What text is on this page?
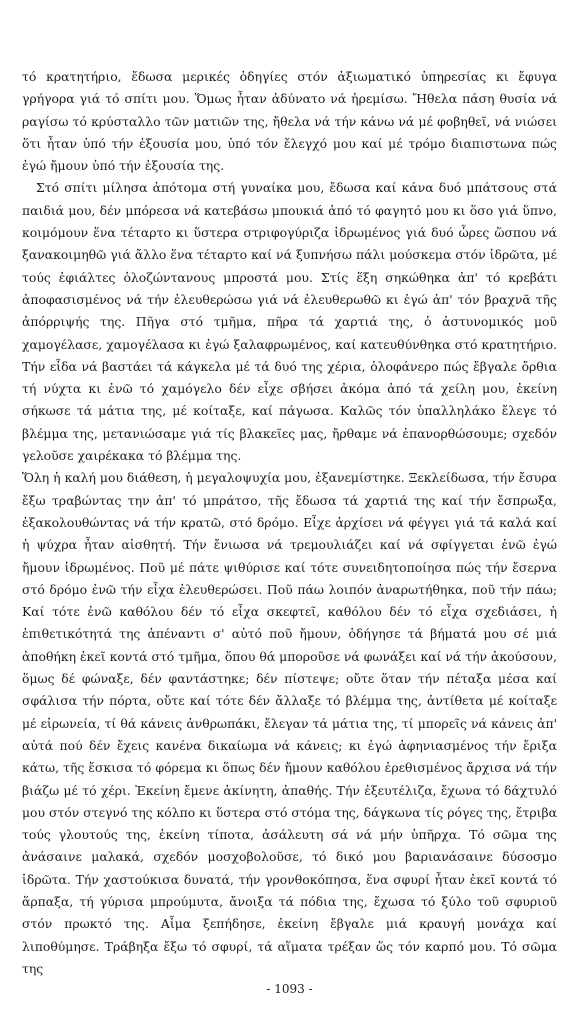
τό κρατητήριο, ἔδωσα μερικές ὁδηγίες στόν ἀξιωματικό ὑπηρεσίας κι ἔφυγα γρήγορα γιά τό σπίτι μου. Ὅμως ἦταν ἀδύνατο νά ἠρεμίσω. Ἤθελα πάση θυσία νά ραγίσω τό κρύσταλλο τῶν ματιῶν της, ἤθελα νά τήν κάνω νά μέ φοβηθεῖ, νά νιώσει ὅτι ἦταν ὑπό τήν ἐξουσία μου, ὑπό τόν ἔλεγχό μου καί μέ τρόμο διαπιστωνα πώς ἐγώ ἤμουν ὑπό τήν ἐξουσία της.

Στό σπίτι μίλησα ἀπότομα στή γυναίκα μου, ἔδωσα καί κάνα δυό μπάτσους στά παιδιά μου, δέν μπόρεσα νά κατεβάσω μπουκιά ἀπό τό φαγητό μου κι ὅσο γιά ὕπνο, κοιμόμουν ἕνα τέταρτο κι ὕστερα στριφογύριζα ἱδρωμένος γιά δυό ὧρες ὥσπου νά ξανακοιμηθῶ γιά ἄλλο ἕνα τέταρτο καί νά ξυπνήσω πάλι μούσκεμα στόν ἱδρῶτα, μέ τούς ἐφιάλτες ὁλοζώντανους μπροστά μου. Στίς ἕξη σηκώθηκα ἀπ' τό κρεβάτι ἀποφασισμένος νά τήν ἐλευθερώσω γιά νά ἐλευθερωθῶ κι ἐγώ ἀπ' τόν βραχνᾶ τῆς ἀπόρριψής της. Πῆγα στό τμῆμα, πῆρα τά χαρτιά της, ὁ ἀστυνομικός μοῦ χαμογέλασε, χαμογέλασα κι ἐγώ ξαλαφρωμένος, καί κατευθύνθηκα στό κρατητήριο. Τήν εἶδα νά βαστάει τά κάγκελα μέ τά δυό της χέρια, ὁλοφάνερο πώς ἔβγαλε ὄρθια τή νύχτα κι ἐνῶ τό χαμόγελο δέν εἶχε σβήσει ἀκόμα ἀπό τά χείλη μου, ἐκείνη σήκωσε τά μάτια της, μέ κοίταξε, καί πάγωσα. Καλῶς τόν ὑπαλληλάκο ἔλεγε τό βλέμμα της, μετανιώσαμε γιά τίς βλακεῖες μας, ἤρθαμε νά ἐπανορθώσουμε; σχεδόν γελοῦσε χαιρέκακα τό βλέμμα της.

Ὅλη ἡ καλή μου διάθεση, ἡ μεγαλοψυχία μου, ἐξανεμίστηκε. Ξεκλείδωσα, τήν ἔσυρα ἔξω τραβώντας την ἀπ' τό μπράτσο, τῆς ἔδωσα τά χαρτιά της καί τήν ἔσπρωξα, ἐξακολουθώντας νά τήν κρατῶ, στό δρόμο. Εἶχε ἀρχίσει νά φέγγει γιά τά καλά καί ἡ ψύχρα ἦταν αἰσθητή. Τήν ἔνιωσα νά τρεμουλιάζει καί νά σφίγγεται ἐνῶ ἐγώ ἤμουν ἱδρωμένος. Ποῦ μέ πάτε ψιθύρισε καί τότε συνειδητοποίησα πώς τήν ἔσερνα στό δρόμο ἐνῶ τήν εἶχα ἐλευθερώσει. Ποῦ πάω λοιπόν ἀναρωτήθηκα, ποῦ τήν πάω; Καί τότε ἐνῶ καθόλου δέν τό εἶχα σκεφτεῖ, καθόλου δέν τό εἶχα σχεδιάσει, ἡ ἐπιθετικότητά της ἀπέναντι σ' αὐτό ποῦ ἤμουν, ὁδήγησε τά βήματά μου σέ μιά ἀποθήκη ἐκεῖ κοντά στό τμῆμα, ὅπου θά μποροῦσε νά φωνάξει καί νά τήν ἀκούσουν, ὅμως δέ φώναξε, δέν φαντάστηκε; δέν πίστεψε; οὔτε ὅταν τήν πέταξα μέσα καί σφάλισα τήν πόρτα, οὔτε καί τότε δέν ἄλλαξε τό βλέμμα της, ἀντίθετα μέ κοίταξε μέ εἰρωνεία, τί θά κάνεις ἀνθρωπάκι, ἔλεγαν τά μάτια της, τί μπορεῖς νά κάνεις ἀπ' αὐτά πού δέν ἔχεις κανένα δικαίωμα νά κάνεις; κι ἐγώ ἀφηνιασμένος τήν ἔριξα κάτω, τῆς ἔσκισα τό φόρεμα κι ὅπως δέν ἤμουν καθόλου ἐρεθισμένος ἄρχισα νά τήν βιάζω μέ τό χέρι. Ἐκείνη ἔμενε ἀκίνητη, ἀπαθής. Τήν ἐξευτέλιζα, ἔχωνα τό δάχτυλό μου στόν στεγνό της κόλπο κι ὕστερα στό στόμα της, δάγκωνα τίς ρόγες της, ἔτριβα τούς γλουτούς της, ἐκείνη τίποτα, ἀσάλευτη σά νά μήν ὑπῆρχα. Τό σῶμα της ἀνάσαινε μαλακά, σχεδόν μοσχοβολοῦσε, τό δικό μου βαριανάσαινε δύσοσμο ἱδρῶτα. Τήν χαστούκισα δυνατά, τήν γρονθοκόπησα, ἕνα σφυρί ἦταν ἐκεῖ κοντά τό ἅρπαξα, τή γύρισα μπρούμυτα, ἄνοιξα τά πόδια της, ἔχωσα τό ξύλο τοῦ σφυριοῦ στόν πρωκτό της. Αἷμα ξεπήδησε, ἐκείνη ἔβγαλε μιά κραυγή μονάχα καί λιποθύμησε. Τράβηξα ἔξω τό σφυρί, τά αἵματα τρέξαν ὥς τόν καρπό μου. Τό σῶμα της

- 1093 -
